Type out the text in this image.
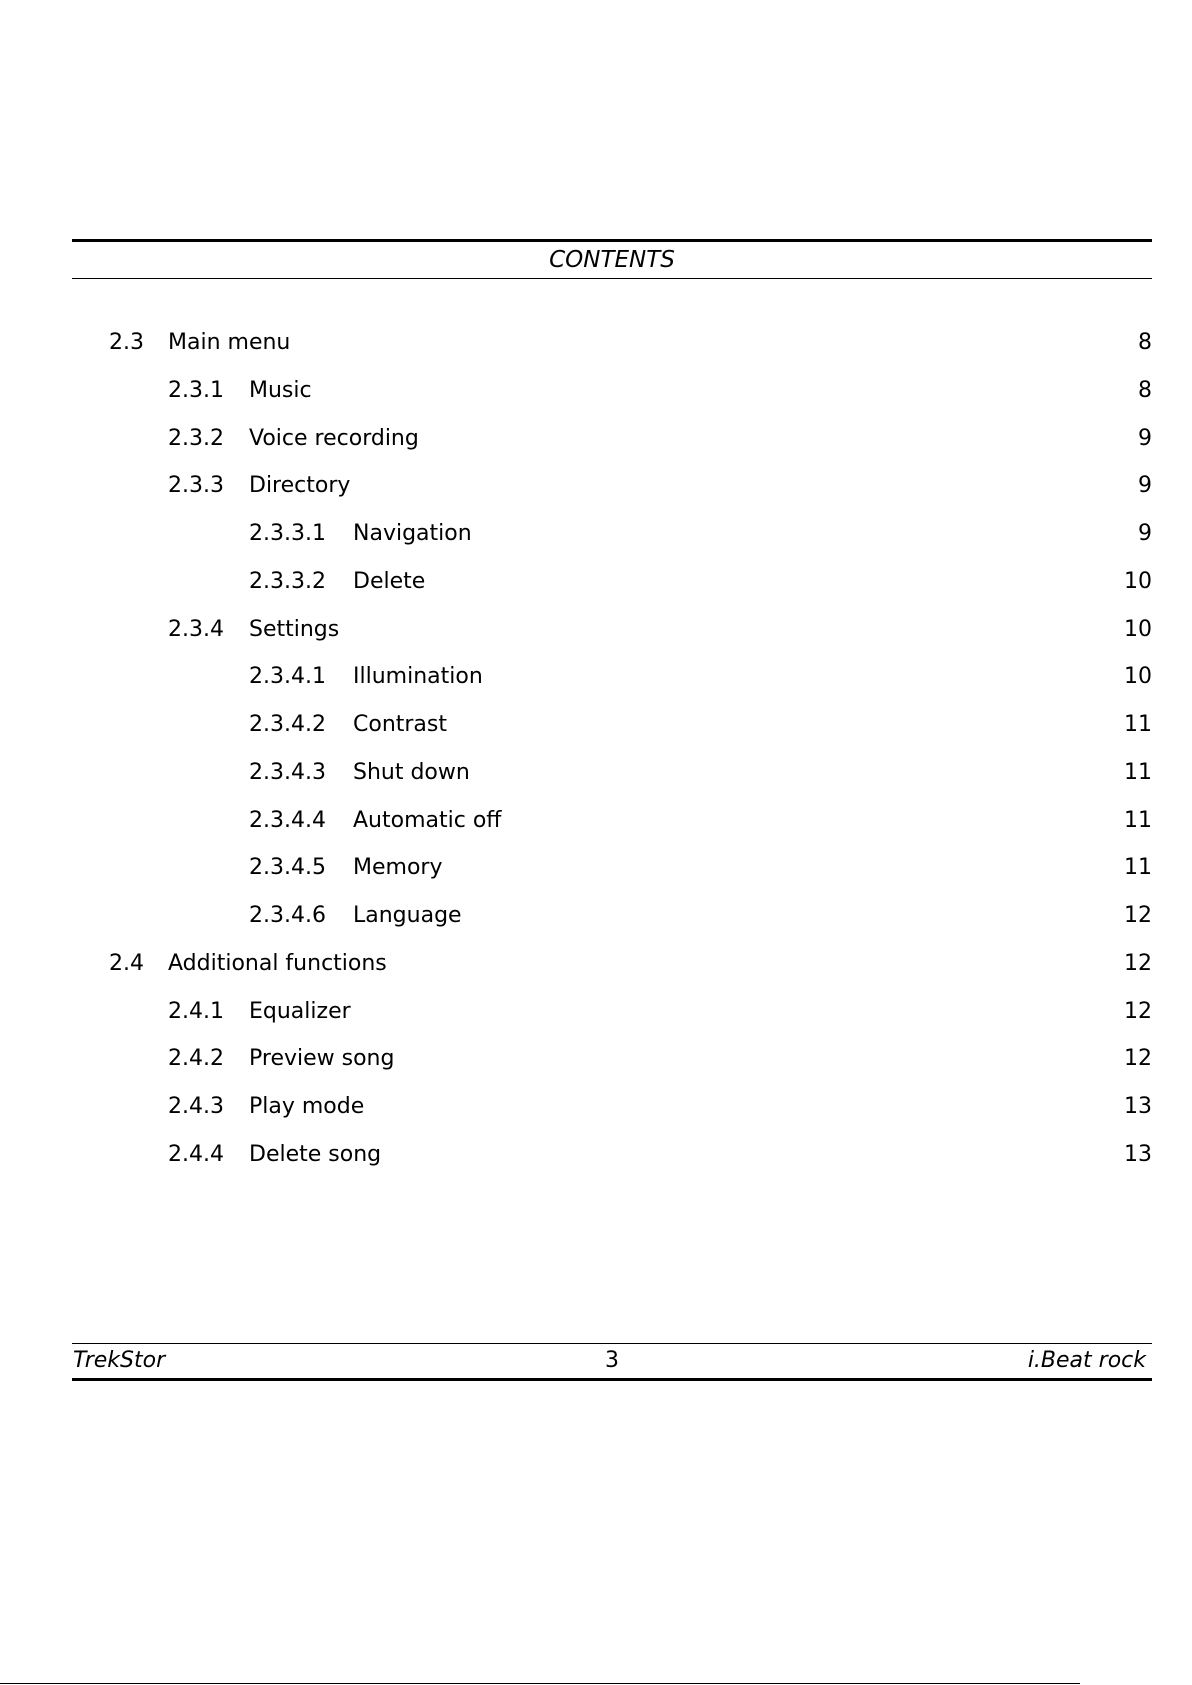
CONTENTS
2.3 Main menu	8
2.3.1 Music	8
2.3.2 Voice recording	9
2.3.3 Directory	9
2.3.3.1 Navigation	9
2.3.3.2 Delete	10
2.3.4 Settings	10
2.3.4.1 Illumination	10
2.3.4.2 Contrast	11
2.3.4.3 Shut down	11
2.3.4.4 Automatic off	11
2.3.4.5 Memory	11
2.3.4.6 Language	12
2.4 Additional functions	12
2.4.1 Equalizer	12
2.4.2 Preview song	12
2.4.3 Play mode	13
2.4.4 Delete song	13
TrekStor	3	i.Beat rock
